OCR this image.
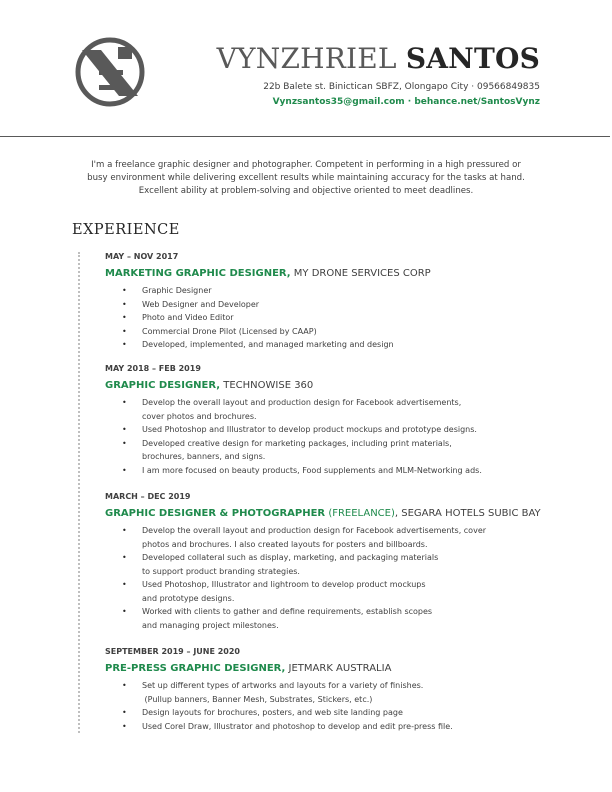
VYNZHRIEL SANTOS
22b Balete st. Binictican SBFZ, Olongapo City · 09566849835
Vynzsantos35@gmail.com · behance.net/SantosVynz
I'm a freelance graphic designer and photographer. Competent in performing in a high pressured or
busy environment while delivering excellent results while maintaining accuracy for the tasks at hand.
Excellent ability at problem-solving and objective oriented to meet deadlines.
EXPERIENCE
MAY – NOV 2017
MARKETING GRAPHIC DESIGNER, MY DRONE SERVICES CORP
• Graphic Designer
• Web Designer and Developer
• Photo and Video Editor
• Commercial Drone Pilot (Licensed by CAAP)
• Developed, implemented, and managed marketing and design
MAY 2018 – FEB 2019
GRAPHIC DESIGNER, TECHNOWISE 360
• Develop the overall layout and production design for Facebook advertisements,
cover photos and brochures.
• Used Photoshop and Illustrator to develop product mockups and prototype designs.
• Developed creative design for marketing packages, including print materials,
brochures, banners, and signs.
• I am more focused on beauty products, Food supplements and MLM-Networking ads.
MARCH – DEC 2019
GRAPHIC DESIGNER & PHOTOGRAPHER (FREELANCE), SEGARA HOTELS SUBIC BAY
• Develop the overall layout and production design for Facebook advertisements, cover
photos and brochures. I also created layouts for posters and billboards.
• Developed collateral such as display, marketing, and packaging materials
to support product branding strategies.
• Used Photoshop, Illustrator and lightroom to develop product mockups
and prototype designs.
• Worked with clients to gather and define requirements, establish scopes
and managing project milestones.
SEPTEMBER 2019 – JUNE 2020
PRE-PRESS GRAPHIC DESIGNER, JETMARK AUSTRALIA
• Set up different types of artworks and layouts for a variety of finishes.
(Pullup banners, Banner Mesh, Substrates, Stickers, etc.)
• Design layouts for brochures, posters, and web site landing page
• Used Corel Draw, Illustrator and photoshop to develop and edit pre-press file.
